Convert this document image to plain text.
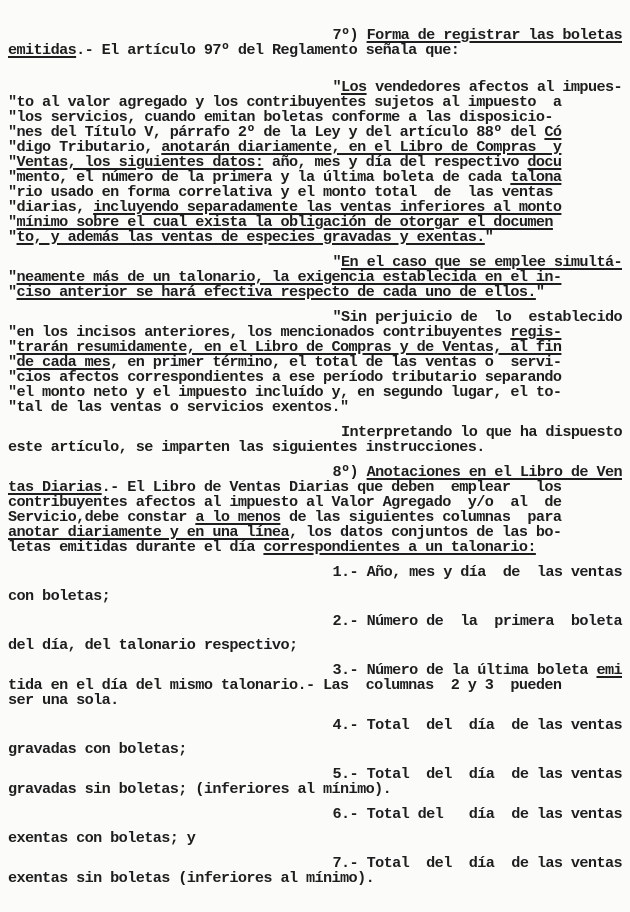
7º) Forma de registrar las boletas
emitidas.- El artículo 97º del Reglamento señala que:
"Los vendedores afectos al impues-
"to al valor agregado y los contribuyentes sujetos al impuesto  a
"los servicios, cuando emitan boletas conforme a las disposicio-
"nes del Título V, párrafo 2º de la Ley y del artículo 88º del Có
"digo Tributario, anotarán diariamente, en el Libro de Compras  y
"Ventas, los siguientes datos: año, mes y día del respectivo docu
"mento, el número de la primera y la última boleta de cada talona
"rio usado en forma correlativa y el monto total  de  las ventas
"diarias, incluyendo separadamente las ventas inferiores al monto
"mínimo sobre el cual exista la obligación de otorgar el documen
"to, y además las ventas de especies gravadas y exentas."
"En el caso que se emplee simultá-
"neamente más de un talonario, la exigencia establecida en el in-
"ciso anterior se hará efectiva respecto de cada uno de ellos."
"Sin perjuicio de  lo  establecido
"en los incisos anteriores, los mencionados contribuyentes regis-
"trarán resumidamente, en el Libro de Compras y de Ventas, al fin
"de cada mes, en primer término, el total de las ventas o  servi-
"cios afectos correspondientes a ese período tributario separando
"el monto neto y el impuesto incluído y, en segundo lugar, el to-
"tal de las ventas o servicios exentos."
Interpretando lo que ha dispuesto
este artículo, se imparten las siguientes instrucciones.
8º) Anotaciones en el Libro de Ven
tas Diarias.- El Libro de Ventas Diarias que deben  emplear   los
contribuyentes afectos al impuesto al Valor Agregado  y/o  al  de
Servicio,debe constar a lo menos de las siguientes columnas  para
anotar diariamente y en una línea, los datos conjuntos de las bo-
letas emitidas durante el día correspondientes a un talonario:
1.- Año, mes y día  de  las ventas
con boletas;
2.- Número de  la  primera  boleta
del día, del talonario respectivo;
3.- Número de la última boleta emi
tida en el día del mismo talonario.- Las  columnas  2 y 3  pueden
ser una sola.
4.- Total  del  día  de las ventas
gravadas con boletas;
5.- Total  del  día  de las ventas
gravadas sin boletas; (inferiores al mínimo).
6.- Total del   día  de las ventas
exentas con boletas; y
7.- Total  del  día  de las ventas
exentas sin boletas (inferiores al mínimo).
